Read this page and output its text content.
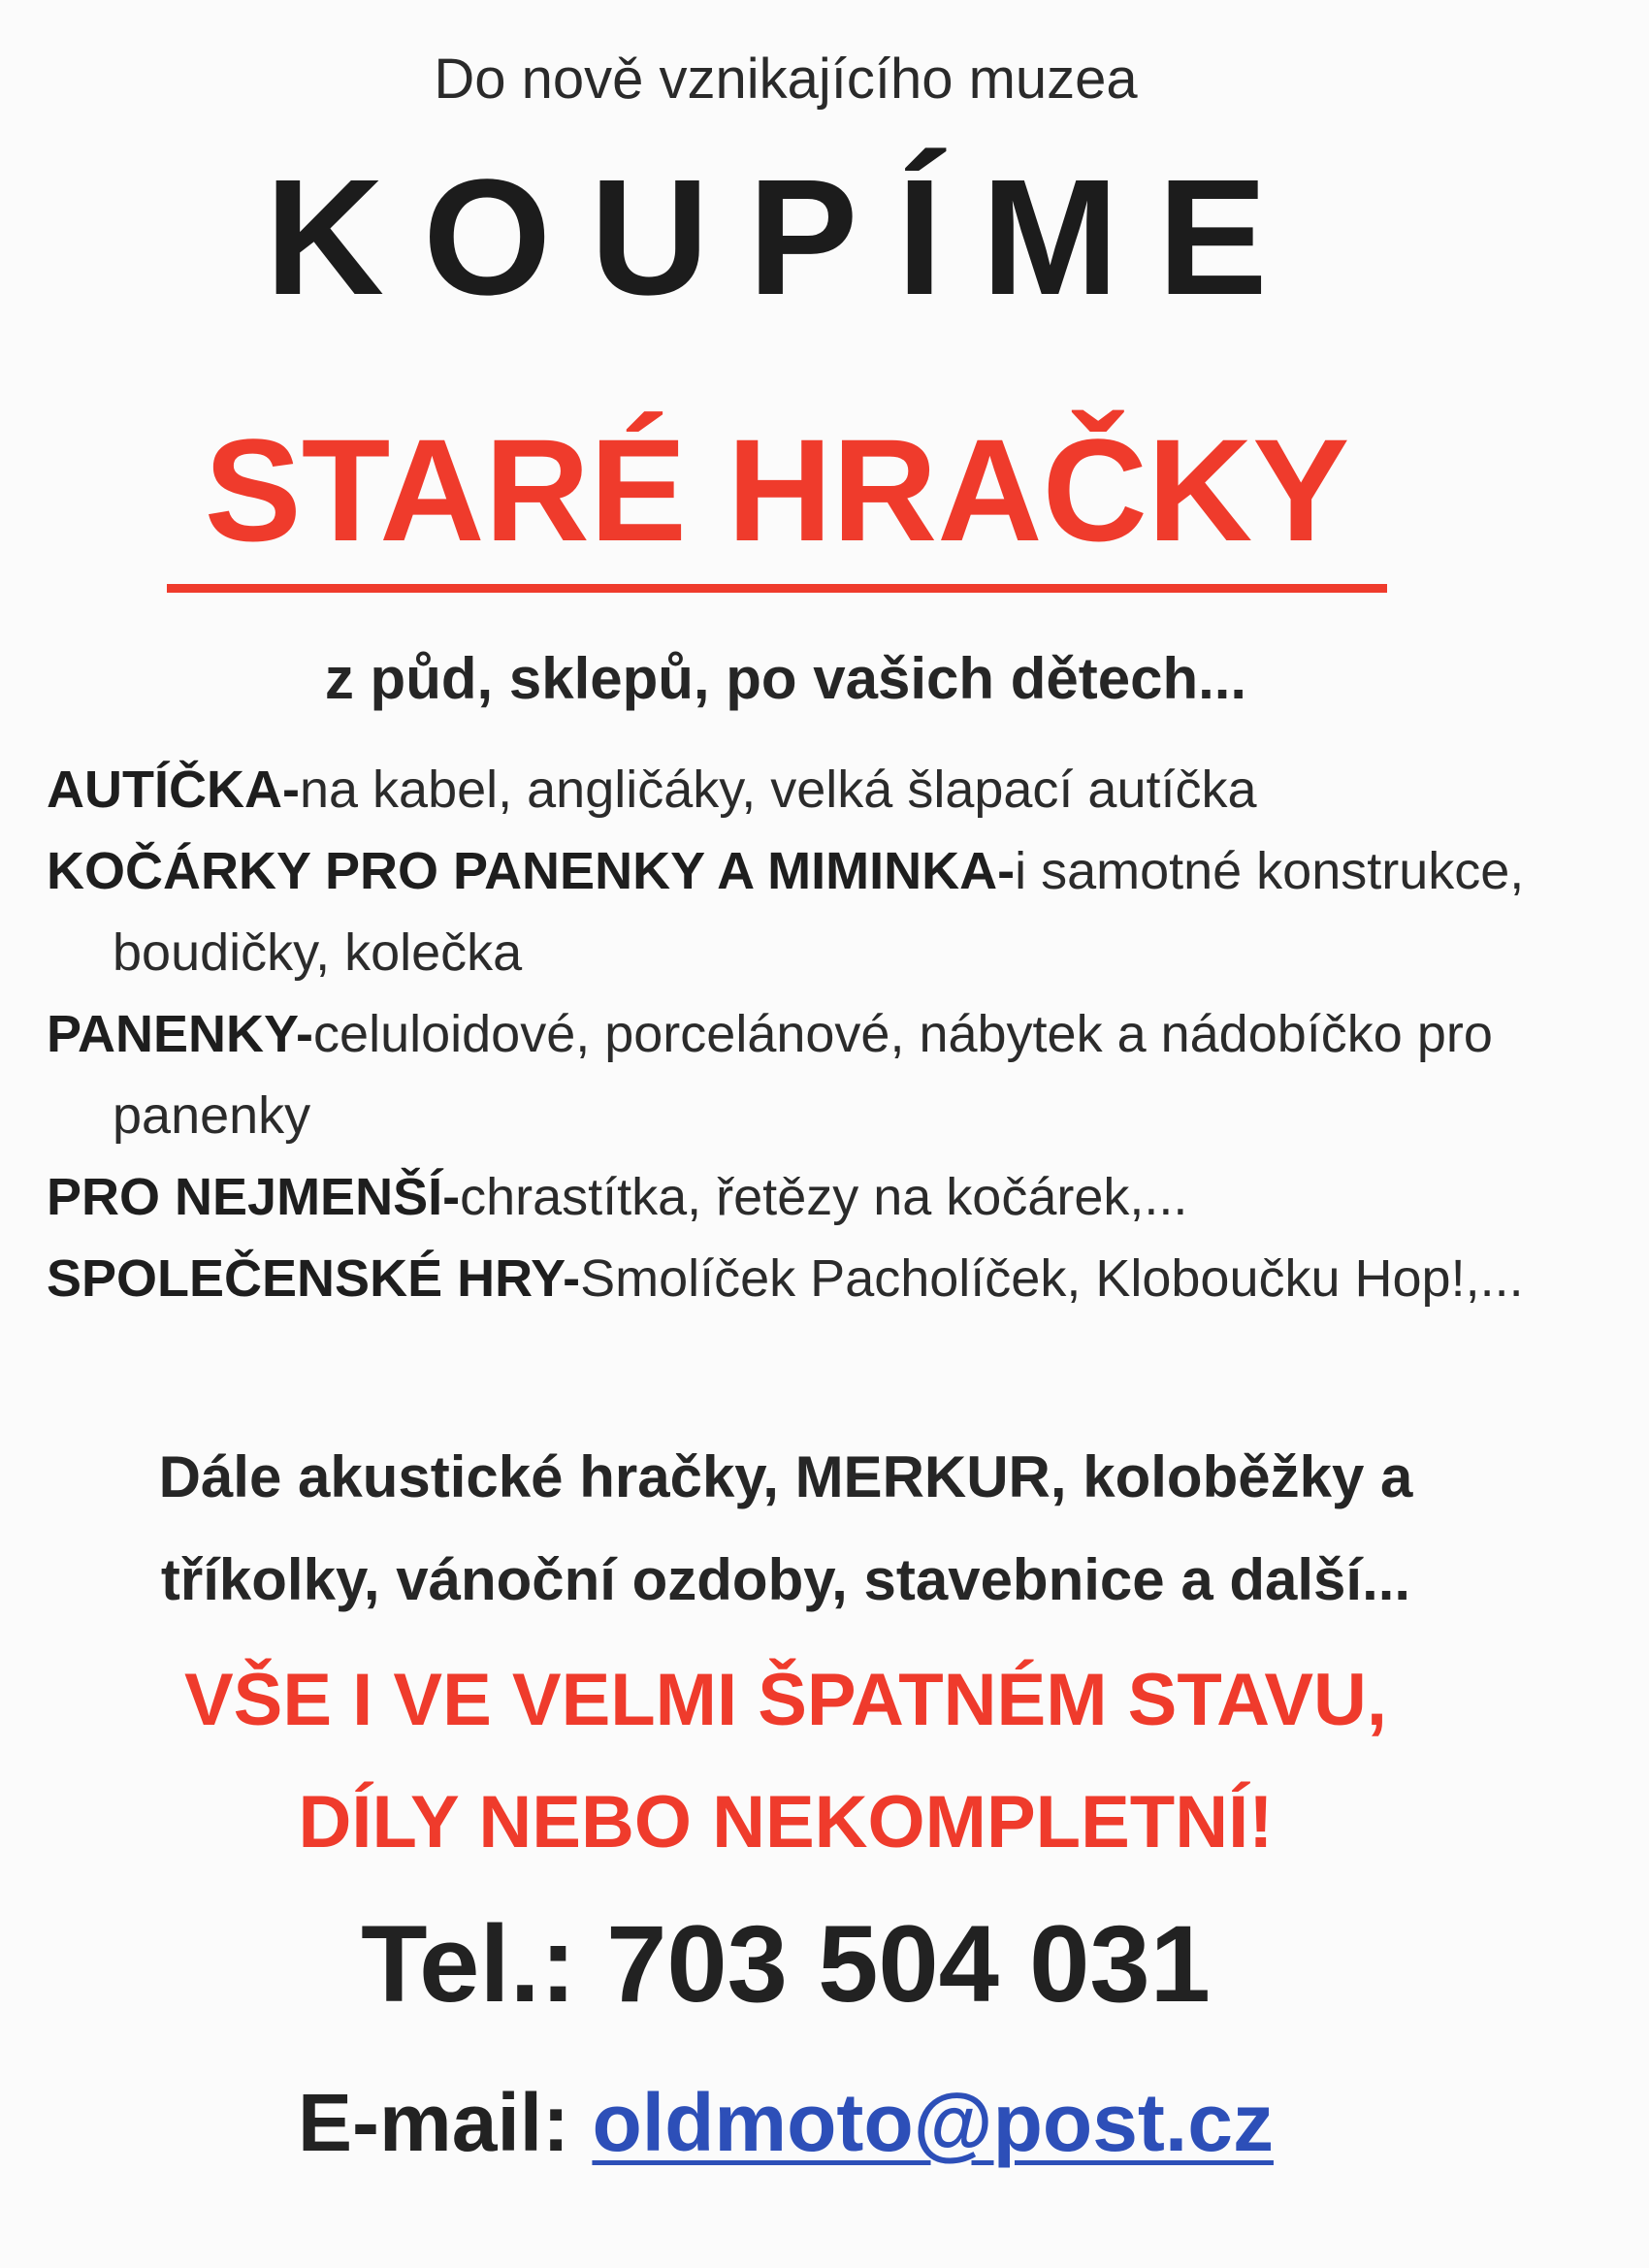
Do nově vznikajícího muzea
KOUPÍME
STARÉ HRAČKY
z půd, sklepů, po vašich dětech...

AUTÍČKA-na kabel, angličáky, velká šlapací autíčka

KOČÁRKY PRO PANENKY A MIMINKA-i samotné konstrukce, boudičky, kolečka

PANENKY-celuloidové, porcelánové, nábytek a nádobíčko pro panenky

PRO NEJMENŠÍ-chrastítka, řetězy na kočárek,...

SPOLEČENSKÉ HRY-Smolíček Pacholíček, Kloboučku Hop!,...

Dále akustické hračky, MERKUR, koloběžky a
tříkolky, vánoční ozdoby, stavebnice a další...
VŠE I VE VELMI ŠPATNÉM STAVU,
DÍLY NEBO NEKOMPLETNÍ!
Tel.: 703 504 031
E-mail: oldmoto@post.cz
